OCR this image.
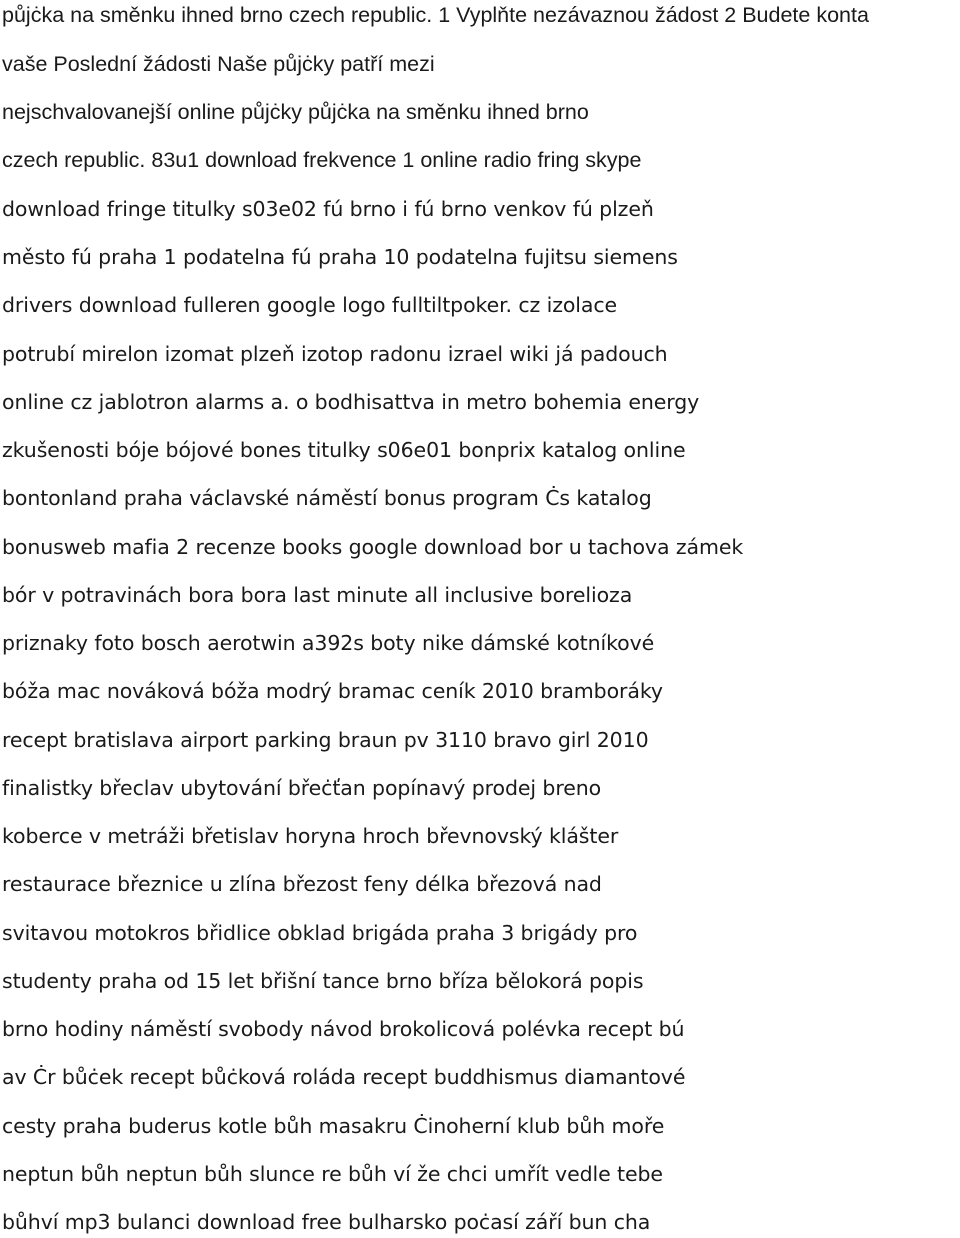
půjċka na směnku ihned brno czech republic. 1 Vyplňte nezávaznou žádost 2 Budete konta
vaše Poslední žádosti Naše půjċky patří mezi
nejschvalovanejší online půjċky půjċka na směnku ihned brno
czech republic. 83u1 download frekvence 1 online radio fring skype
download fringe titulky s03e02 fú brno i fú brno venkov fú plzeň
město fú praha 1 podatelna fú praha 10 podatelna fujitsu siemens
drivers download fulleren google logo fulltiltpoker. cz izolace
potrubí mirelon izomat plzeň izotop radonu izrael wiki já padouch
online cz jablotron alarms a. o bodhisattva in metro bohemia energy
zkušenosti bóje bójové bones titulky s06e01 bonprix katalog online
bontonland praha václavské náměstí bonus program Ċs katalog
bonusweb mafia 2 recenze books google download bor u tachova zámek
bór v potravinách bora bora last minute all inclusive borelioza
priznaky foto bosch aerotwin a392s boty nike dámské kotníkové
bóža mac nováková bóža modrý bramac ceník 2010 bramboráky
recept bratislava airport parking braun pv 3110 bravo girl 2010
finalistky břeclav ubytování břeċťan popínavý prodej breno
koberce v metráži břetislav horyna hroch břevnovský klášter
restaurace březnice u zlína březost feny délka březová nad
svitavou motokros břidlice obklad brigáda praha 3 brigády pro
studenty praha od 15 let břišní tance brno bříza bělokorá popis
brno hodiny náměstí svobody návod brokolicová polévka recept bú
av Ċr bůċek recept bůċková roláda recept buddhismus diamantové
cesty praha buderus kotle bůh masakru Ċinoherní klub bůh moře
neptun bůh neptun bůh slunce re bůh ví že chci umřít vedle tebe
bůhví mp3 bulanci download free bulharsko poċasí září bun cha
